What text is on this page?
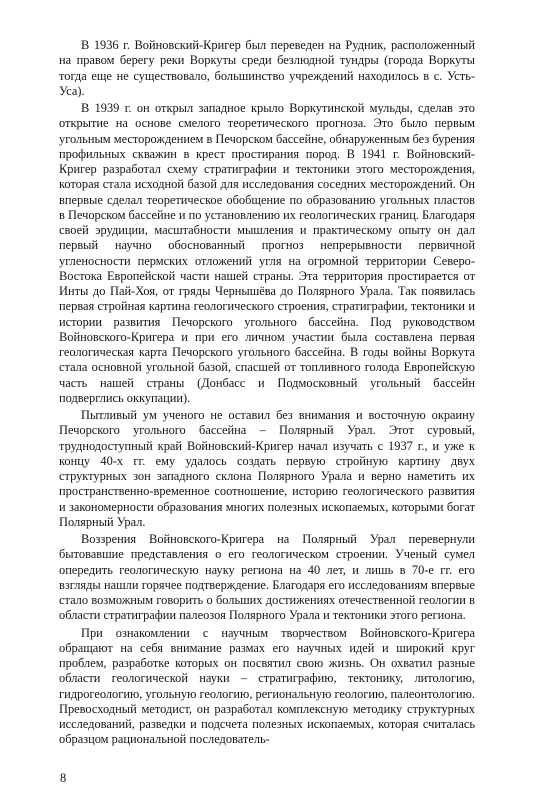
В 1936 г. Войновский-Кригер был переведен на Рудник, расположенный на правом берегу реки Воркуты среди безлюдной тундры (города Воркуты тогда еще не существовало, большинство учреждений находилось в с. Усть-Уса).

В 1939 г. он открыл западное крыло Воркутинской мульды, сделав это открытие на основе смелого теоретического прогноза. Это было первым угольным месторождением в Печорском бассейне, обнаруженным без бурения профильных скважин в крест простирания пород. В 1941 г. Войновский-Кригер разработал схему стратиграфии и тектоники этого месторождения, которая стала исходной базой для исследования соседних месторождений. Он впервые сделал теоретическое обобщение по образованию угольных пластов в Печорском бассейне и по установлению их геологических границ. Благодаря своей эрудиции, масштабности мышления и практическому опыту он дал первый научно обоснованный прогноз непрерывности первичной угленосности пермских отложений угля на огромной территории Северо-Востока Европейской части нашей страны. Эта территория простирается от Инты до Пай-Хоя, от гряды Чернышёва до Полярного Урала. Так появилась первая стройная картина геологического строения, стратиграфии, тектоники и истории развития Печорского угольного бассейна. Под руководством Войновского-Кригера и при его личном участии была составлена первая геологическая карта Печорского угольного бассейна. В годы войны Воркута стала основной угольной базой, спасшей от топливного голода Европейскую часть нашей страны (Донбасс и Подмосковный угольный бассейн подверглись оккупации).

Пытливый ум ученого не оставил без внимания и восточную окраину Печорского угольного бассейна – Полярный Урал. Этот суровый, труднодоступный край Войновский-Кригер начал изучать с 1937 г., и уже к концу 40-х гг. ему удалось создать первую стройную картину двух структурных зон западного склона Полярного Урала и верно наметить их пространственно-временное соотношение, историю геологического развития и закономерности образования многих полезных ископаемых, которыми богат Полярный Урал.

Воззрения Войновского-Кригера на Полярный Урал перевернули бытовавшие представления о его геологическом строении. Ученый сумел опередить геологическую науку региона на 40 лет, и лишь в 70-е гг. его взгляды нашли горячее подтверждение. Благодаря его исследованиям впервые стало возможным говорить о больших достижениях отечественной геологии в области стратиграфии палеозоя Полярного Урала и тектоники этого региона.

При ознакомлении с научным творчеством Войновского-Кригера обращают на себя внимание размах его научных идей и широкий круг проблем, разработке которых он посвятил свою жизнь. Он охватил разные области геологической науки – стратиграфию, тектонику, литологию, гидрогеологию, угольную геологию, региональную геологию, палеонтологию. Превосходный методист, он разработал комплексную методику структурных исследований, разведки и подсчета полезных ископаемых, которая считалась образцом рациональной последователь-

8
